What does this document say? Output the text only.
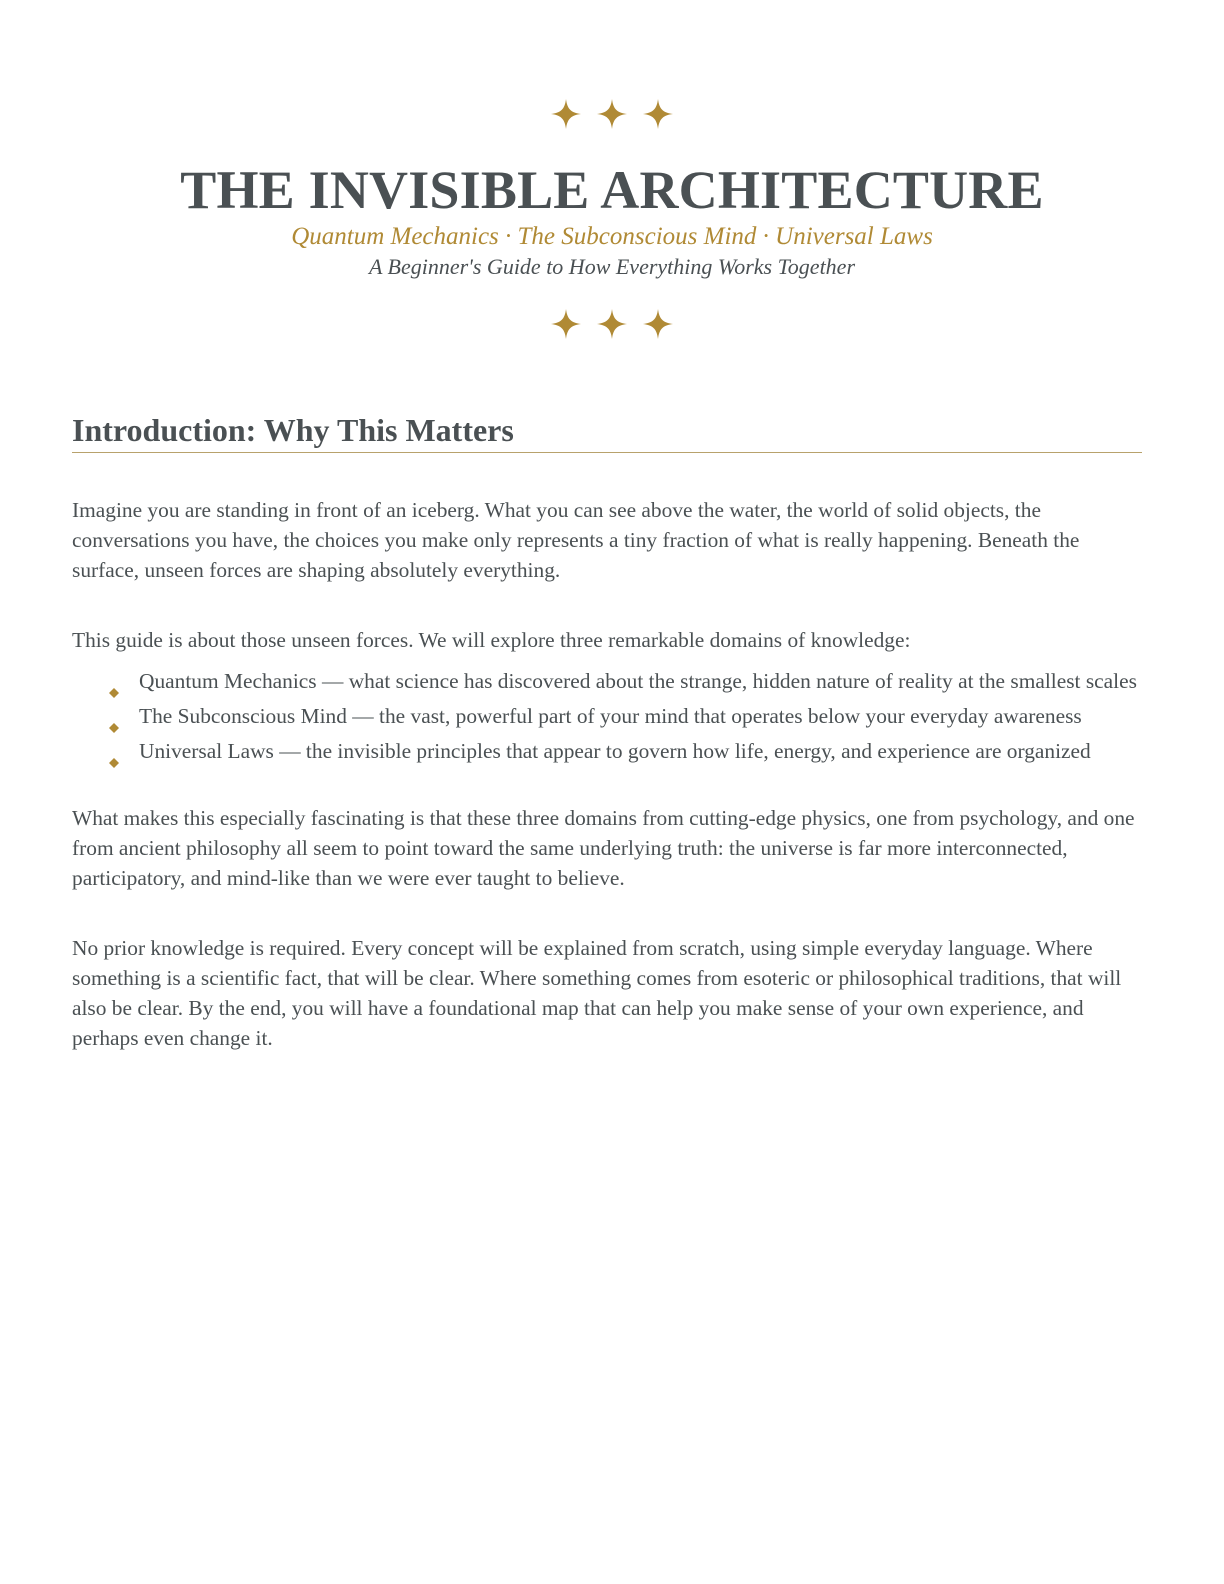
THE INVISIBLE ARCHITECTURE
Quantum Mechanics · The Subconscious Mind · Universal Laws
A Beginner's Guide to How Everything Works Together
Introduction: Why This Matters

Imagine you are standing in front of an iceberg. What you can see above the water, the world of solid objects, the conversations you have, the choices you make only represents a tiny fraction of what is really happening. Beneath the surface, unseen forces are shaping absolutely everything.

This guide is about those unseen forces. We will explore three remarkable domains of knowledge:

Quantum Mechanics — what science has discovered about the strange, hidden nature of reality at the smallest scales
The Subconscious Mind — the vast, powerful part of your mind that operates below your everyday awareness
Universal Laws — the invisible principles that appear to govern how life, energy, and experience are organized

What makes this especially fascinating is that these three domains from cutting-edge physics, one from psychology, and one from ancient philosophy all seem to point toward the same underlying truth: the universe is far more interconnected, participatory, and mind-like than we were ever taught to believe.

No prior knowledge is required. Every concept will be explained from scratch, using simple everyday language. Where something is a scientific fact, that will be clear. Where something comes from esoteric or philosophical traditions, that will also be clear. By the end, you will have a foundational map that can help you make sense of your own experience, and perhaps even change it.
